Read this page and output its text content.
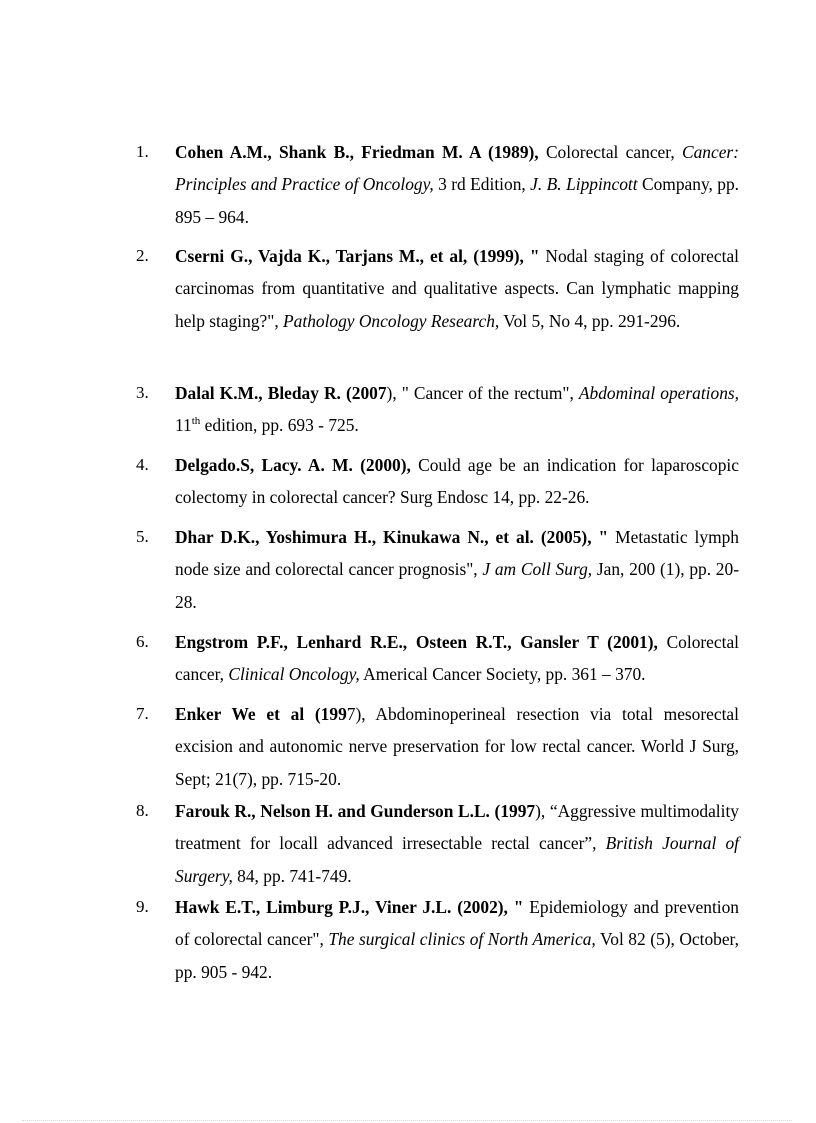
1. Cohen A.M., Shank B., Friedman M. A (1989), Colorectal cancer, Cancer: Principles and Practice of Oncology, 3 rd Edition, J. B. Lippincott Company, pp. 895 – 964.

2. Cserni G., Vajda K., Tarjans M., et al, (1999), " Nodal staging of colorectal carcinomas from quantitative and qualitative aspects. Can lymphatic mapping help staging?", Pathology Oncology Research, Vol 5, No 4, pp. 291-296.

3. Dalal K.M., Bleday R. (2007), " Cancer of the rectum", Abdominal operations, 11th edition, pp. 693 - 725.

4. Delgado.S, Lacy. A. M. (2000), Could age be an indication for laparoscopic colectomy in colorectal cancer? Surg Endosc 14, pp. 22-26.

5. Dhar D.K., Yoshimura H., Kinukawa N., et al. (2005), " Metastatic lymph node size and colorectal cancer prognosis", J am Coll Surg, Jan, 200 (1), pp. 20-28.

6. Engstrom P.F., Lenhard R.E., Osteen R.T., Gansler T (2001), Colorectal cancer, Clinical Oncology, Americal Cancer Society, pp. 361 – 370.

7. Enker We et al (1997), Abdominoperineal resection via total mesorectal excision and autonomic nerve preservation for low rectal cancer. World J Surg, Sept; 21(7), pp. 715-20.

8. Farouk R., Nelson H. and Gunderson L.L. (1997), “Aggressive multimodality treatment for locall advanced irresectable rectal cancer”, British Journal of Surgery, 84, pp. 741-749.

9. Hawk E.T., Limburg P.J., Viner J.L. (2002), " Epidemiology and prevention of colorectal cancer", The surgical clinics of North America, Vol 82 (5), October, pp. 905 - 942.
